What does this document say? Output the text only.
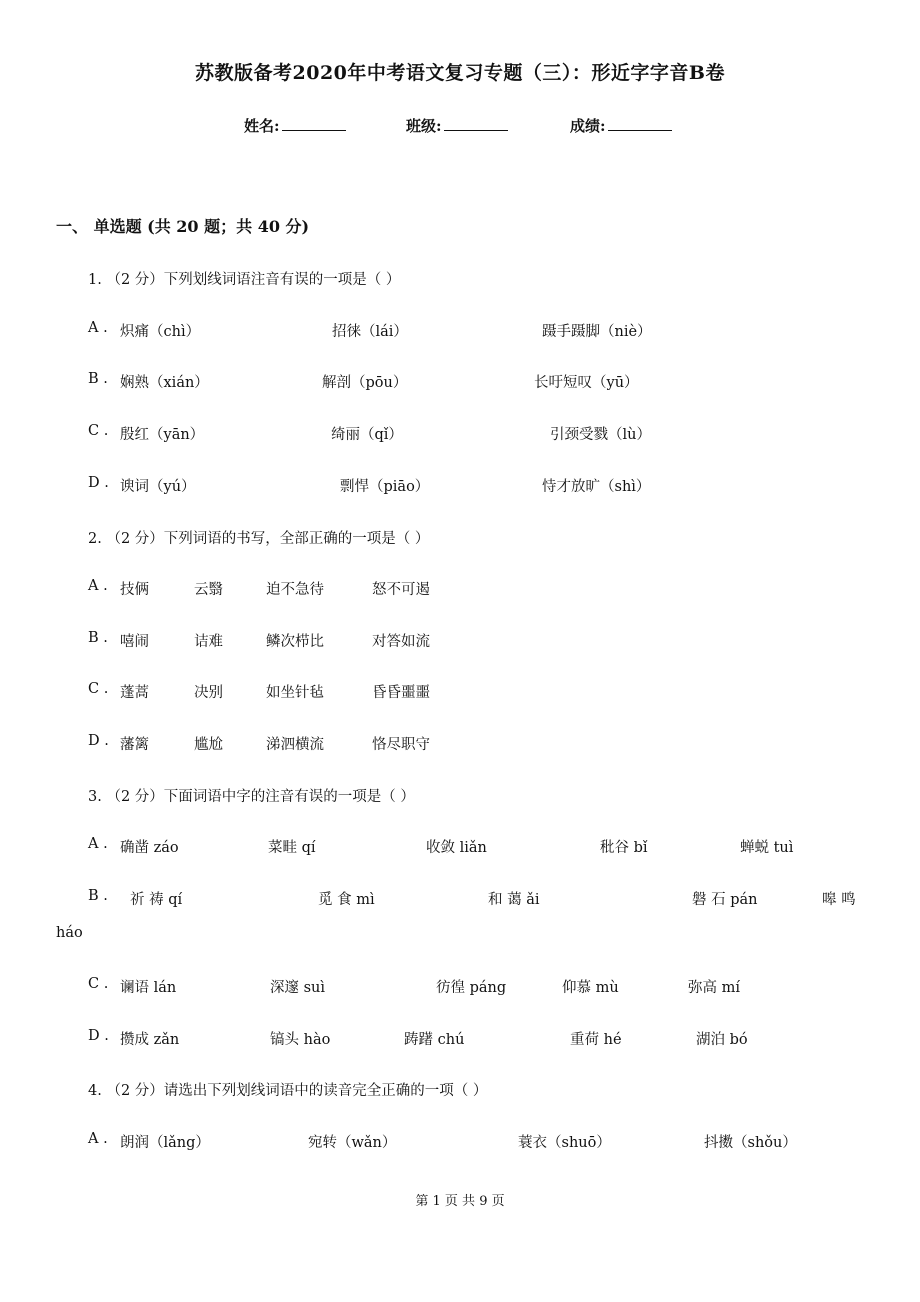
苏教版备考2020年中考语文复习专题（三）：形近字字音B卷
姓名:	班级:	成绩:
一、 单选题 (共 20 题；共 40 分)
1. （2 分）下列划线词语注音有误的一项是（ ）
A . 炽痛（chì）	招徕（lái）	蹑手蹑脚（niè）
B . 娴熟（xián）	解剖（pōu）	长吁短叹（yū）
C . 殷红（yān）	绮丽（qǐ）	引颈受戮（lù）
D . 谀词（yú）	剽悍（piāo）	恃才放旷（shì）
2. （2 分）下列词语的书写，全部正确的一项是（ ）
A . 技俩	云翳	迫不急待	怒不可遏
B . 嘻闹	诘难	鳞次栉比	对答如流
C . 蓬蒿	决别	如坐针毡	昏昏噩噩
D . 藩篱	尴尬	涕泗横流	恪尽职守
3. （2 分）下面词语中字的注音有误的一项是（ ）
A . 确凿 záo	菜畦 qí	收敛 liǎn	秕谷 bǐ	蝉蜕 tuì
B . 祈 祷 qí	觅 食 mì	和 蔼 ǎi	磐 石 pán	嗥 鸣
háo
C . 谰语 lán	深邃 suì	彷徨 páng	仰慕 mù	弥高 mí
D . 攒成 zǎn	镐头 hào	踌躇 chú	重荷 hé	湖泊 bó
4. （2 分）请选出下列划线词语中的读音完全正确的一项（ ）
A . 朗润（lǎng）	宛转（wǎn）	蓑衣（shuō）	抖擞（shǒu）
第 1 页 共 9 页
